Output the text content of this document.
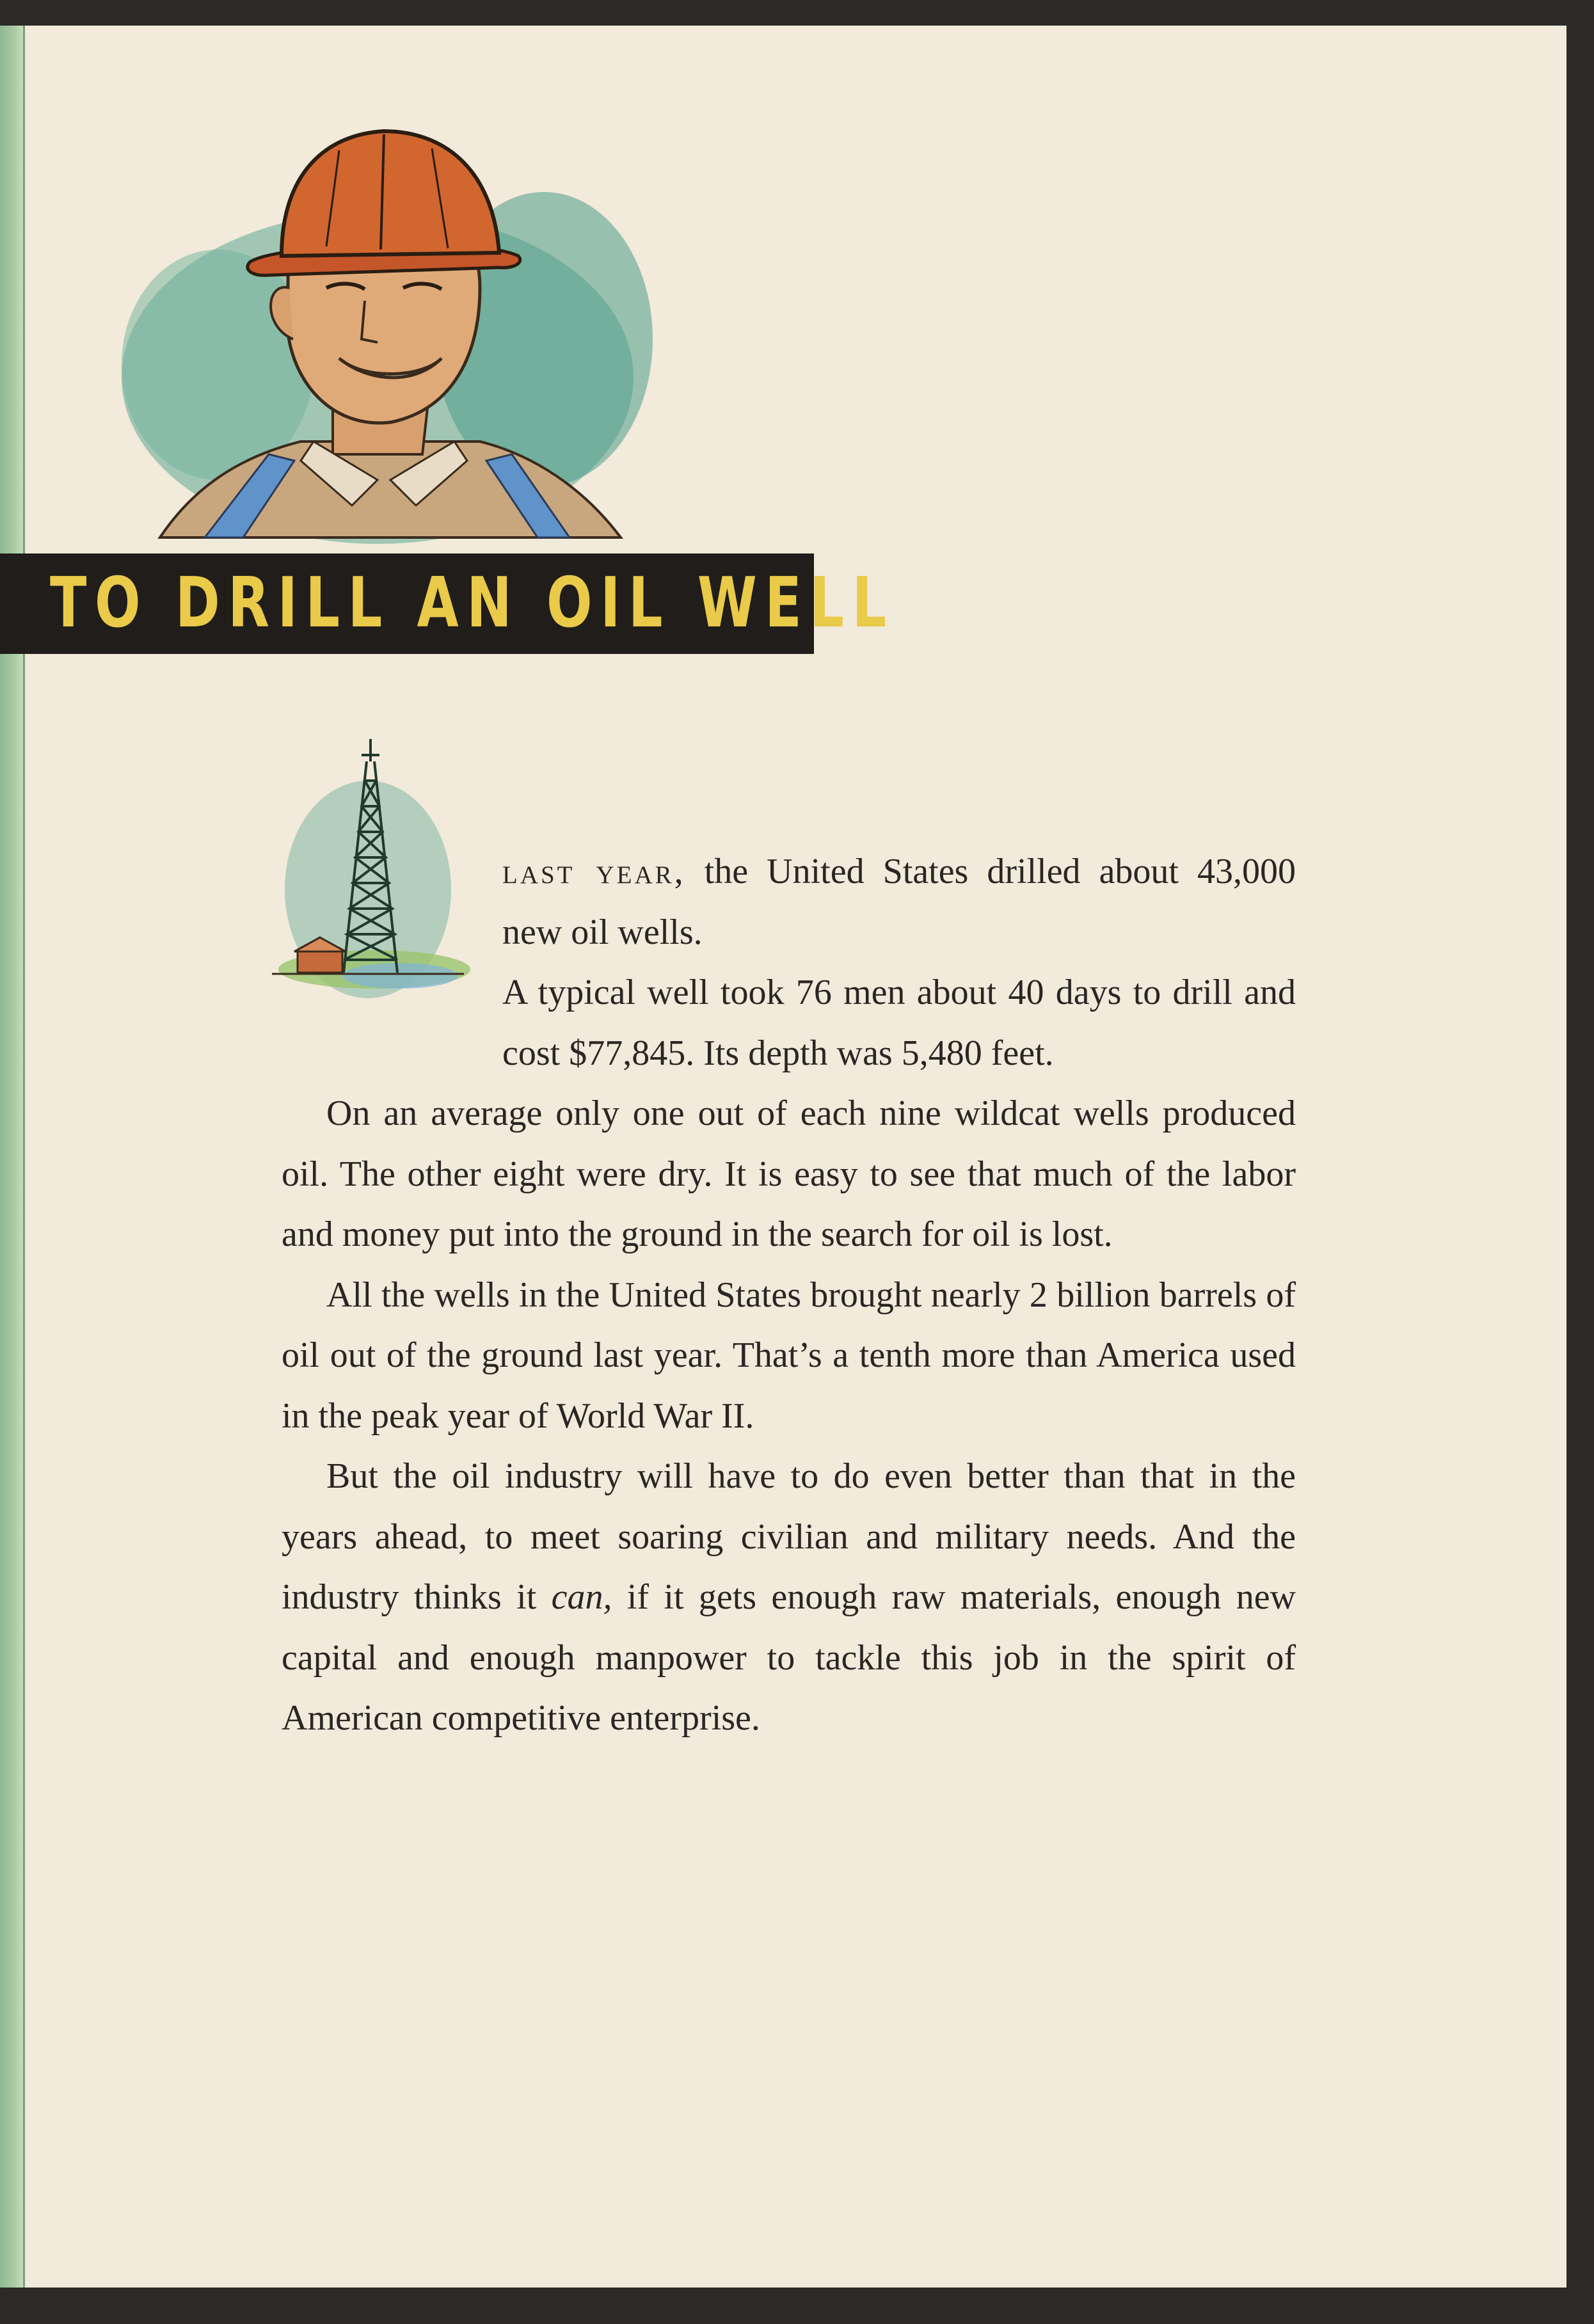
TO DRILL AN OIL WELL

last year, the United States drilled about 43,000 new oil wells.

A typical well took 76 men about 40 days to drill and cost $77,845. Its depth was 5,480 feet.

On an average only one out of each nine wildcat wells produced oil. The other eight were dry. It is easy to see that much of the labor and money put into the ground in the search for oil is lost.

All the wells in the United States brought nearly 2 billion barrels of oil out of the ground last year. That’s a tenth more than America used in the peak year of World War II.

But the oil industry will have to do even better than that in the years ahead, to meet soaring civilian and military needs. And the industry thinks it can, if it gets enough raw materials, enough new capital and enough manpower to tackle this job in the spirit of American competitive enterprise.
